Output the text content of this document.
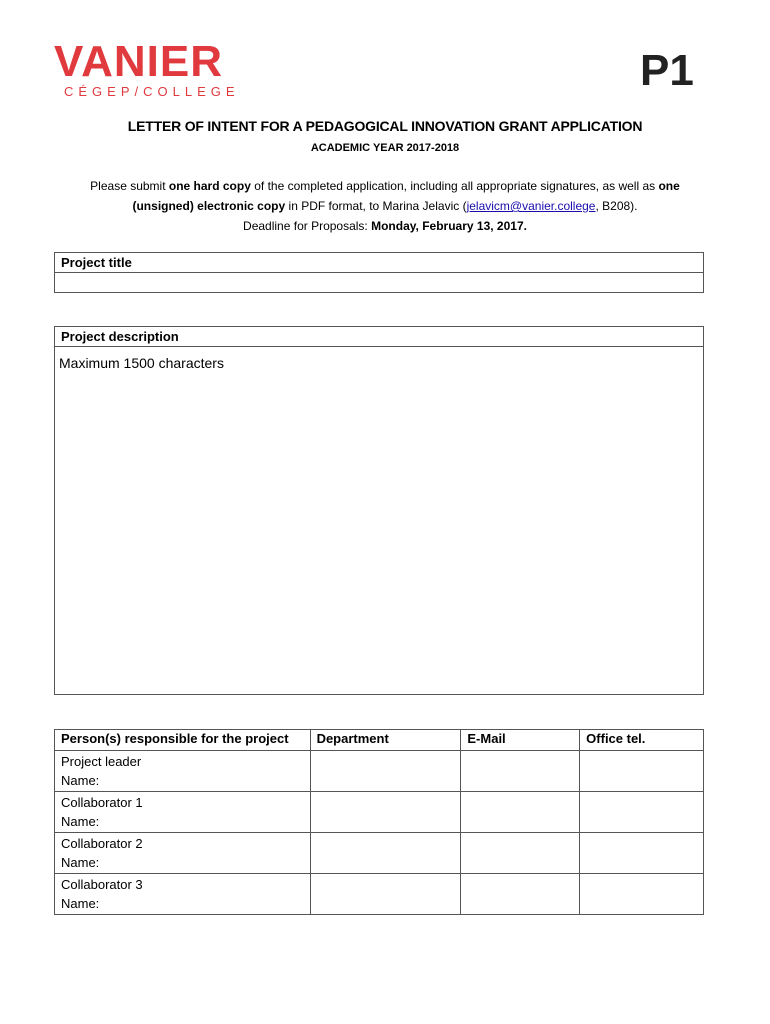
VANIER
CÉGEP/COLLEGE	P1
LETTER OF INTENT FOR A PEDAGOGICAL INNOVATION GRANT APPLICATION
ACADEMIC YEAR 2017-2018
Please submit one hard copy of the completed application, including all appropriate signatures, as well as one (unsigned) electronic copy in PDF format, to Marina Jelavic (jelavicm@vanier.college, B208).
Deadline for Proposals: Monday, February 13, 2017.
Project title
Project description
Maximum 1500 characters
Person(s) responsible for the project	Department	E-Mail	Office tel.

Project leader
Name:			

Collaborator 1
Name:			

Collaborator 2
Name:			

Collaborator 3
Name:			
